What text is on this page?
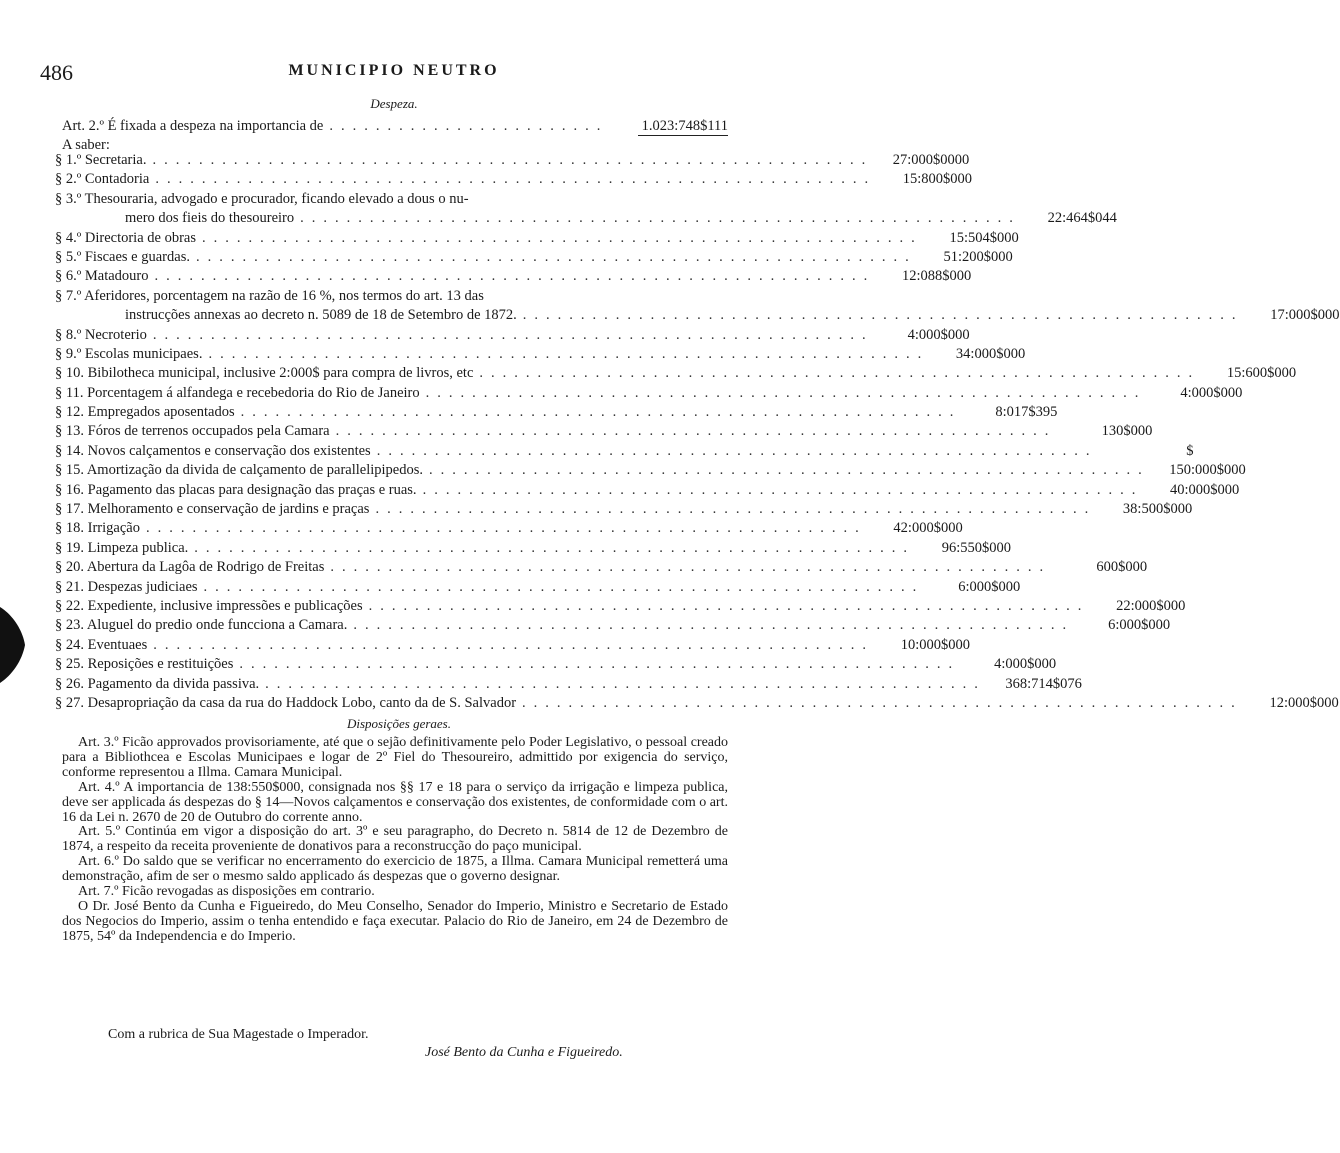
486	MUNICIPIO NEUTRO
Despeza.
Art. 2.º É fixada a despeza na importancia de ........................	1.023:748$111
A saber:
§ 1.º Secretaria. ..............................................................	27:000$0000
§ 2.º Contadoria ..............................................................	15:800$000
§ 3.º Thesouraria, advogado e procurador, ficando elevado a dous o nu-
mero dos fieis do thesoureiro ..............................................................	22:464$044
§ 4.º Directoria de obras ..............................................................	15:504$000
§ 5.º Fiscaes e guardas. ..............................................................	51:200$000
§ 6.º Matadouro ..............................................................	12:088$000
§ 7.º Aferidores, porcentagem na razão de 16 %, nos termos do art. 13 das
instrucções annexas ao decreto n. 5089 de 18 de Setembro de 1872. ..............................................................	17:000$000
§ 8.º Necroterio ..............................................................	4:000$000
§ 9.º Escolas municipaes. ..............................................................	34:000$000
§ 10. Bibilotheca municipal, inclusive 2:000$ para compra de livros, etc ..............................................................	15:600$000
§ 11. Porcentagem á alfandega e recebedoria do Rio de Janeiro ..............................................................	4:000$000
§ 12. Empregados aposentados ..............................................................	8:017$395
§ 13. Fóros de terrenos occupados pela Camara ..............................................................	130$000
§ 14. Novos calçamentos e conservação dos existentes ..............................................................	$
§ 15. Amortização da divida de calçamento de parallelipipedos. ..............................................................	150:000$000
§ 16. Pagamento das placas para designação das praças e ruas. ..............................................................	40:000$000
§ 17. Melhoramento e conservação de jardins e praças ..............................................................	38:500$000
§ 18. Irrigação ..............................................................	42:000$000
§ 19. Limpeza publica. ..............................................................	96:550$000
§ 20. Abertura da Lagôa de Rodrigo de Freitas ..............................................................	600$000
§ 21. Despezas judiciaes ..............................................................	6:000$000
§ 22. Expediente, inclusive impressões e publicações ..............................................................	22:000$000
§ 23. Aluguel do predio onde funcciona a Camara. ..............................................................	6:000$000
§ 24. Eventuaes ..............................................................	10:000$000
§ 25. Reposições e restituições ..............................................................	4:000$000
§ 26. Pagamento da divida passiva. ..............................................................	368:714$076
§ 27. Desapropriação da casa da rua do Haddock Lobo, canto da de S. Salvador ..............................................................	12:000$000
Disposições geraes.

Art. 3.º Ficão approvados provisoriamente, até que o sejão definitivamente pelo Poder Legislativo, o pessoal creado para a Bibliothcea e Escolas Municipaes e logar de 2º Fiel do Thesoureiro, admittido por exigencia do serviço, conforme representou a Illma. Camara Municipal.

Art. 4.º A importancia de 138:550$000, consignada nos §§ 17 e 18 para o serviço da irrigação e limpeza publica, deve ser applicada ás despezas do § 14—Novos calçamentos e conservação dos existentes, de conformidade com o art. 16 da Lei n. 2670 de 20 de Outubro do corrente anno.

Art. 5.º Continúa em vigor a disposição do art. 3º e seu paragrapho, do Decreto n. 5814 de 12 de Dezembro de 1874, a respeito da receita proveniente de donativos para a reconstrucção do paço municipal.

Art. 6.º Do saldo que se verificar no encerramento do exercicio de 1875, a Illma. Camara Municipal remetterá uma demonstração, afim de ser o mesmo saldo applicado ás despezas que o governo designar.

Art. 7.º Ficão revogadas as disposições em contrario.

O Dr. José Bento da Cunha e Figueiredo, do Meu Conselho, Senador do Imperio, Ministro e Secretario de Estado dos Negocios do Imperio, assim o tenha entendido e faça executar. Palacio do Rio de Janeiro, em 24 de Dezembro de 1875, 54º da Independencia e do Imperio.

Com a rubrica de Sua Magestade o Imperador.
José Bento da Cunha e Figueiredo.
